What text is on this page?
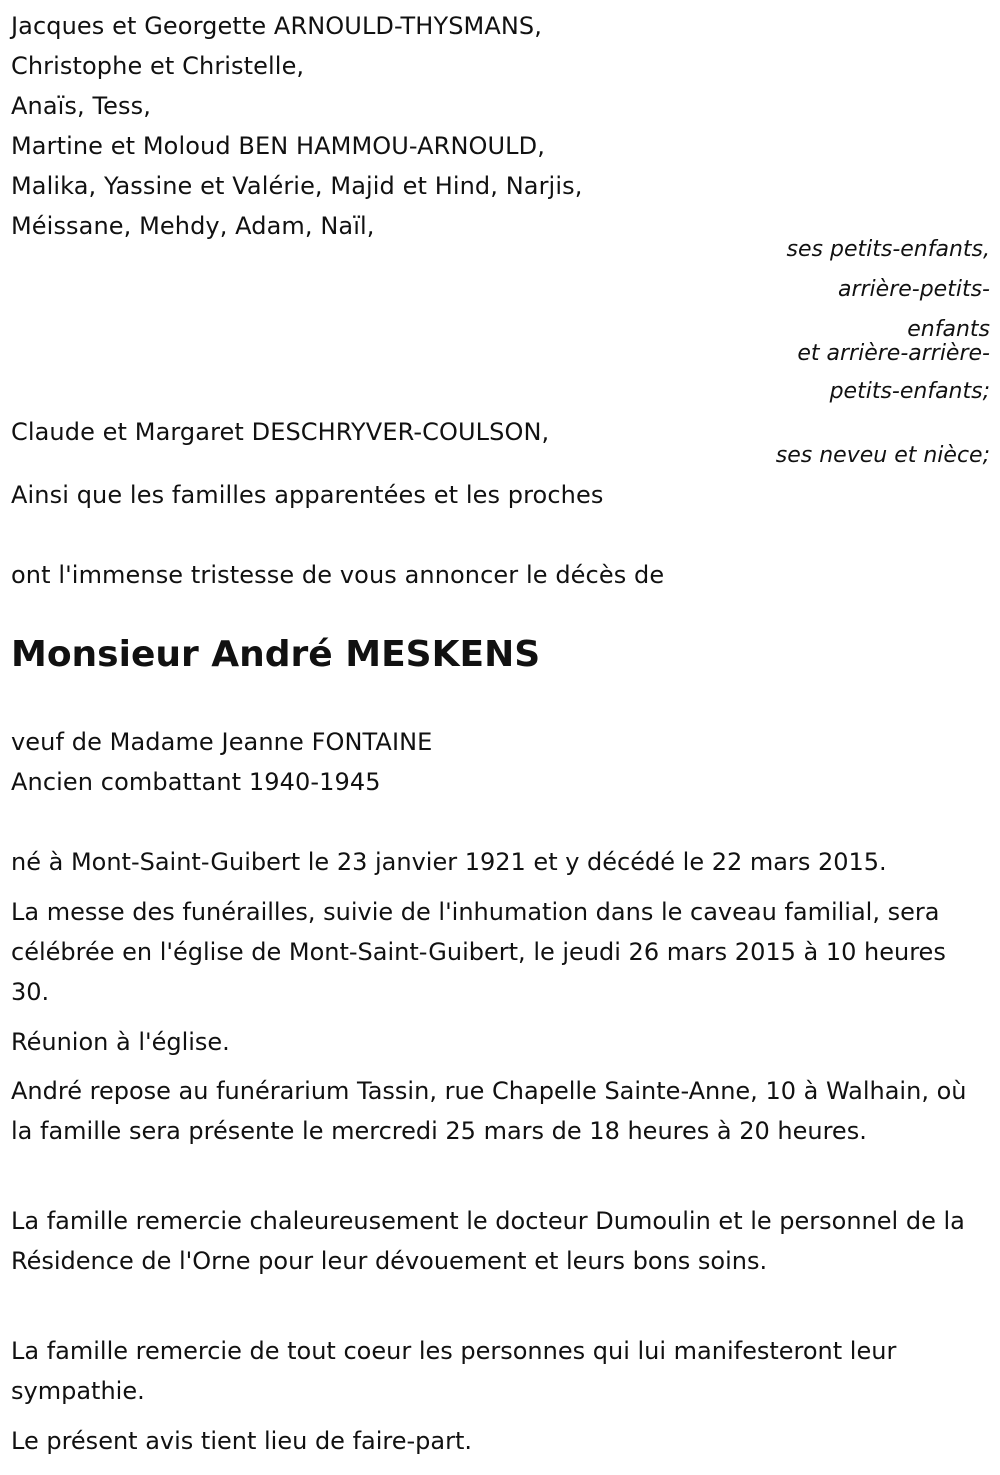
Jacques et Georgette ARNOULD-THYSMANS,
Christophe et Christelle,
Anaïs, Tess,
Martine et Moloud BEN HAMMOU-ARNOULD,
Malika, Yassine et Valérie, Majid et Hind, Narjis,
Méissane, Mehdy, Adam, Naïl,
ses petits-enfants,
arrière-petits-
enfants
et arrière-arrière-
petits-enfants;
Claude et Margaret DESCHRYVER-COULSON,
ses neveu et nièce;
Ainsi que les familles apparentées et les proches
ont l'immense tristesse de vous annoncer le décès de
Monsieur André MESKENS
veuf de Madame Jeanne FONTAINE
Ancien combattant 1940-1945
né à Mont-Saint-Guibert le 23 janvier 1921 et y décédé le 22 mars 2015.
La messe des funérailles, suivie de l'inhumation dans le caveau familial, sera célébrée en l'église de Mont-Saint-Guibert, le jeudi 26 mars 2015 à 10 heures 30.
Réunion à l'église.
André repose au funérarium Tassin, rue Chapelle Sainte-Anne, 10 à Walhain, où la famille sera présente le mercredi 25 mars de 18 heures à 20 heures.
La famille remercie chaleureusement le docteur Dumoulin et le personnel de la Résidence de l'Orne pour leur dévouement et leurs bons soins.
La famille remercie de tout coeur les personnes qui lui manifesteront leur sympathie.
Le présent avis tient lieu de faire-part.
